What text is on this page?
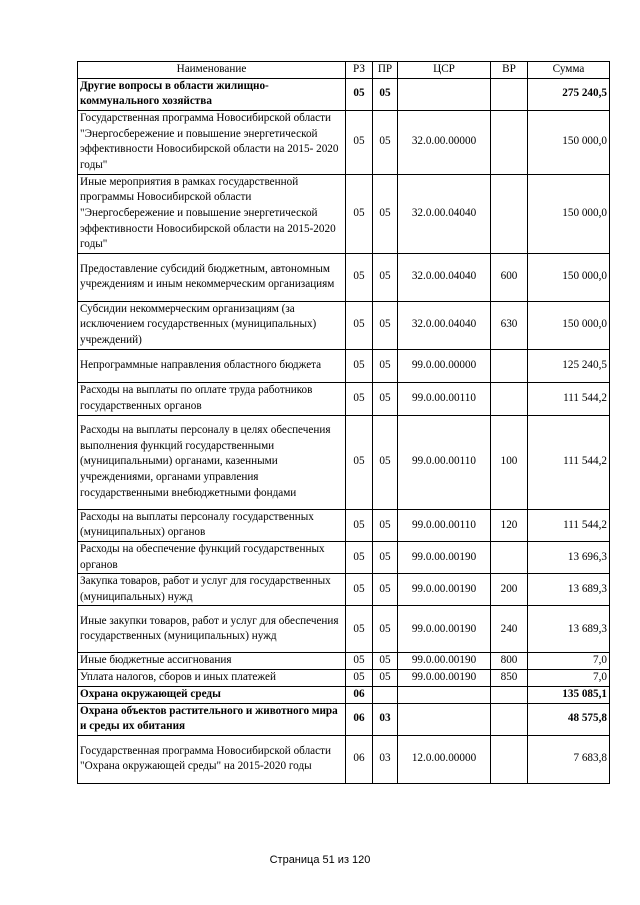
Наименование	РЗ	ПР	ЦСР	ВР	Сумма
Другие вопросы в области жилищно-коммунального хозяйства	05	05			275 240,5
Государственная программа Новосибирской области "Энергосбережение и повышение энергетической эффективности Новосибирской области на 2015- 2020 годы"	05	05	32.0.00.00000		150 000,0
Иные мероприятия в рамках государственной программы Новосибирской области "Энергосбережение и повышение энергетической эффективности Новосибирской области на 2015-2020 годы"	05	05	32.0.00.04040		150 000,0
Предоставление субсидий бюджетным, автономным учреждениям и иным некоммерческим организациям	05	05	32.0.00.04040	600	150 000,0
Субсидии некоммерческим организациям (за исключением государственных (муниципальных) учреждений)	05	05	32.0.00.04040	630	150 000,0
Непрограммные направления областного бюджета	05	05	99.0.00.00000		125 240,5
Расходы на выплаты по оплате труда работников государственных органов	05	05	99.0.00.00110		111 544,2
Расходы на выплаты персоналу в целях обеспечения выполнения функций государственными (муниципальными) органами, казенными учреждениями, органами управления государственными внебюджетными фондами	05	05	99.0.00.00110	100	111 544,2
Расходы на выплаты персоналу государственных (муниципальных) органов	05	05	99.0.00.00110	120	111 544,2
Расходы на обеспечение функций государственных органов	05	05	99.0.00.00190		13 696,3
Закупка товаров, работ и услуг для государственных (муниципальных) нужд	05	05	99.0.00.00190	200	13 689,3
Иные закупки товаров, работ и услуг для обеспечения государственных (муниципальных) нужд	05	05	99.0.00.00190	240	13 689,3
Иные бюджетные ассигнования	05	05	99.0.00.00190	800	7,0
Уплата налогов, сборов и иных платежей	05	05	99.0.00.00190	850	7,0
Охрана окружающей среды	06				135 085,1
Охрана объектов растительного и животного мира и среды их обитания	06	03			48 575,8
Государственная программа Новосибирской области "Охрана окружающей среды" на 2015-2020 годы	06	03	12.0.00.00000		7 683,8
Страница 51 из 120
